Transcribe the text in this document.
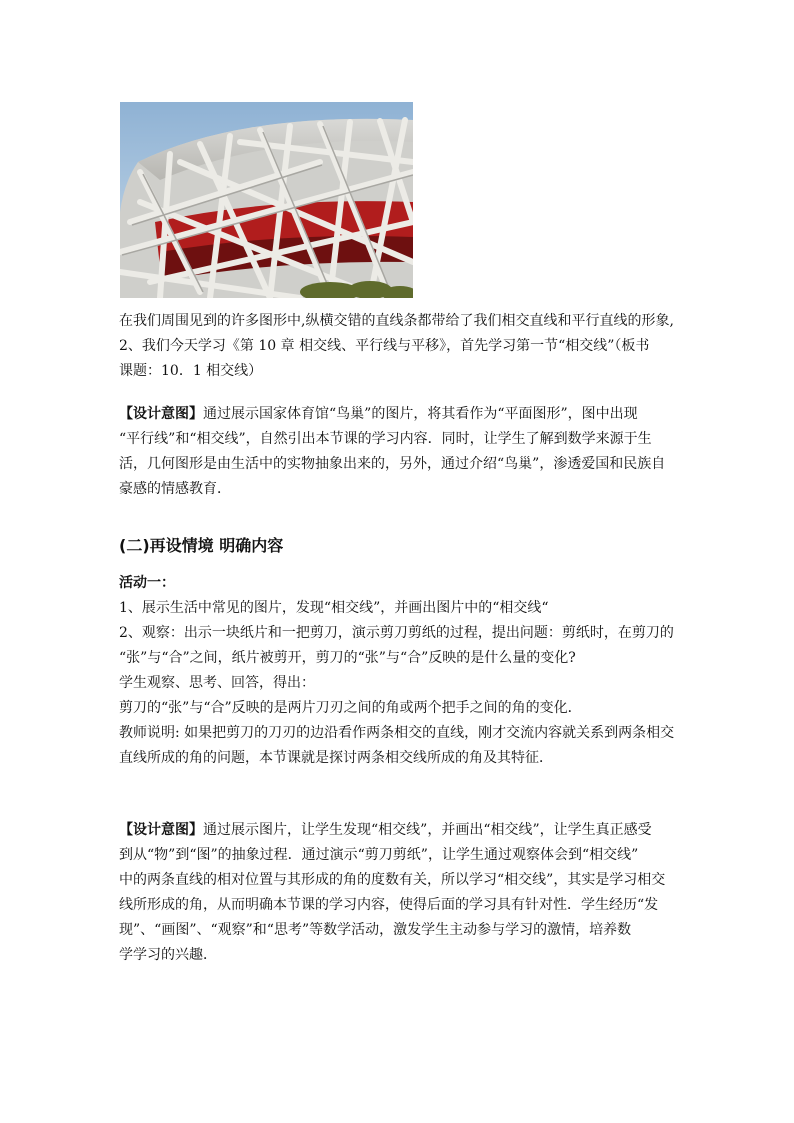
在我们周围见到的许多图形中,纵横交错的直线条都带给了我们相交直线和平行直线的形象,
2、我们今天学习《第 10 章 相交线、平行线与平移》，首先学习第一节“相交线”（板书
课题：10．1 相交线）
【设计意图】通过展示国家体育馆“鸟巢”的图片，将其看作为“平面图形”，图中出现
“平行线”和“相交线”，自然引出本节课的学习内容．同时，让学生了解到数学来源于生
活，几何图形是由生活中的实物抽象出来的，另外，通过介绍“鸟巢”，渗透爱国和民族自
豪感的情感教育．
(二)再设情境 明确内容
活动一：
1、展示生活中常见的图片，发现“相交线”，并画出图片中的“相交线“
2、观察：出示一块纸片和一把剪刀，演示剪刀剪纸的过程，提出问题：剪纸时，在剪刀的
“张”与“合”之间，纸片被剪开，剪刀的“张”与“合”反映的是什么量的变化?
学生观察、思考、回答，得出：
剪刀的“张”与“合”反映的是两片刀刃之间的角或两个把手之间的角的变化．
教师说明: 如果把剪刀的刀刃的边沿看作两条相交的直线，刚才交流内容就关系到两条相交
直线所成的角的问题，本节课就是探讨两条相交线所成的角及其特征．
【设计意图】通过展示图片，让学生发现“相交线”，并画出“相交线”，让学生真正感受
到从“物”到“图”的抽象过程．通过演示“剪刀剪纸”，让学生通过观察体会到“相交线”
中的两条直线的相对位置与其形成的角的度数有关，所以学习“相交线”，其实是学习相交
线所形成的角，从而明确本节课的学习内容，使得后面的学习具有针对性．学生经历“发
现”、“画图”、“观察”和“思考”等数学活动，激发学生主动参与学习的激情，培养数
学学习的兴趣．
